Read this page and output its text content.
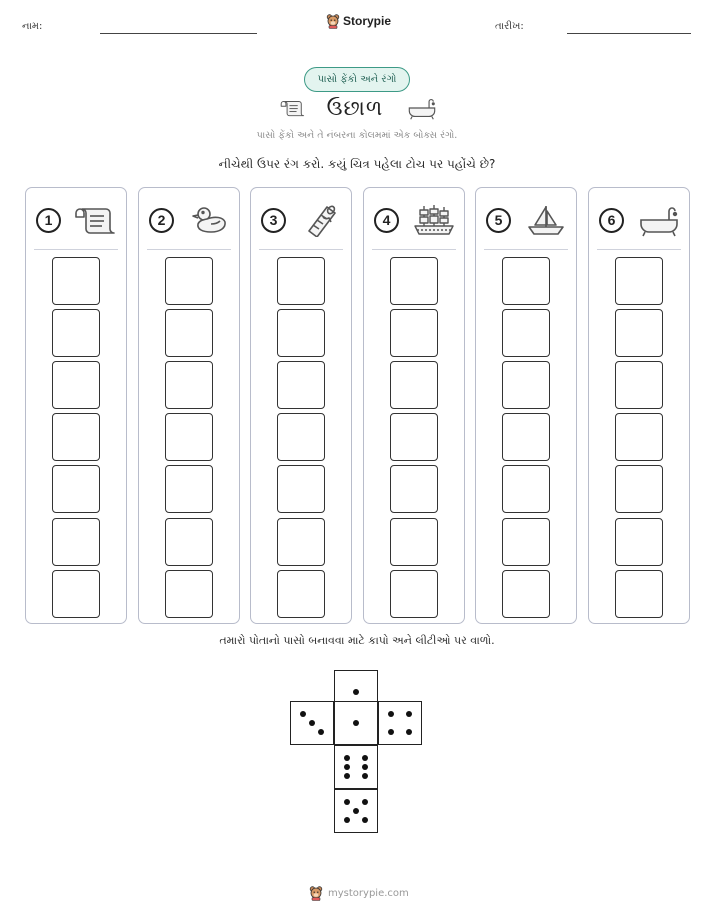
નામ:	Storypie	તારીખ:
પાસો ફેંકો અને રંગો
ઉછાળ
પાસો ફેંકો અને તે નંબરના કોલમમાં એક બોક્સ રંગો.
નીચેથી ઉપર રંગ કરો. કયું ચિત્ર પહેલા ટોચ પર પહોંચે છે?
1	2	3	4	5	6
તમારો પોતાનો પાસો બનાવવા માટે કાપો અને લીટીઓ પર વાળો.
mystorypie.com
